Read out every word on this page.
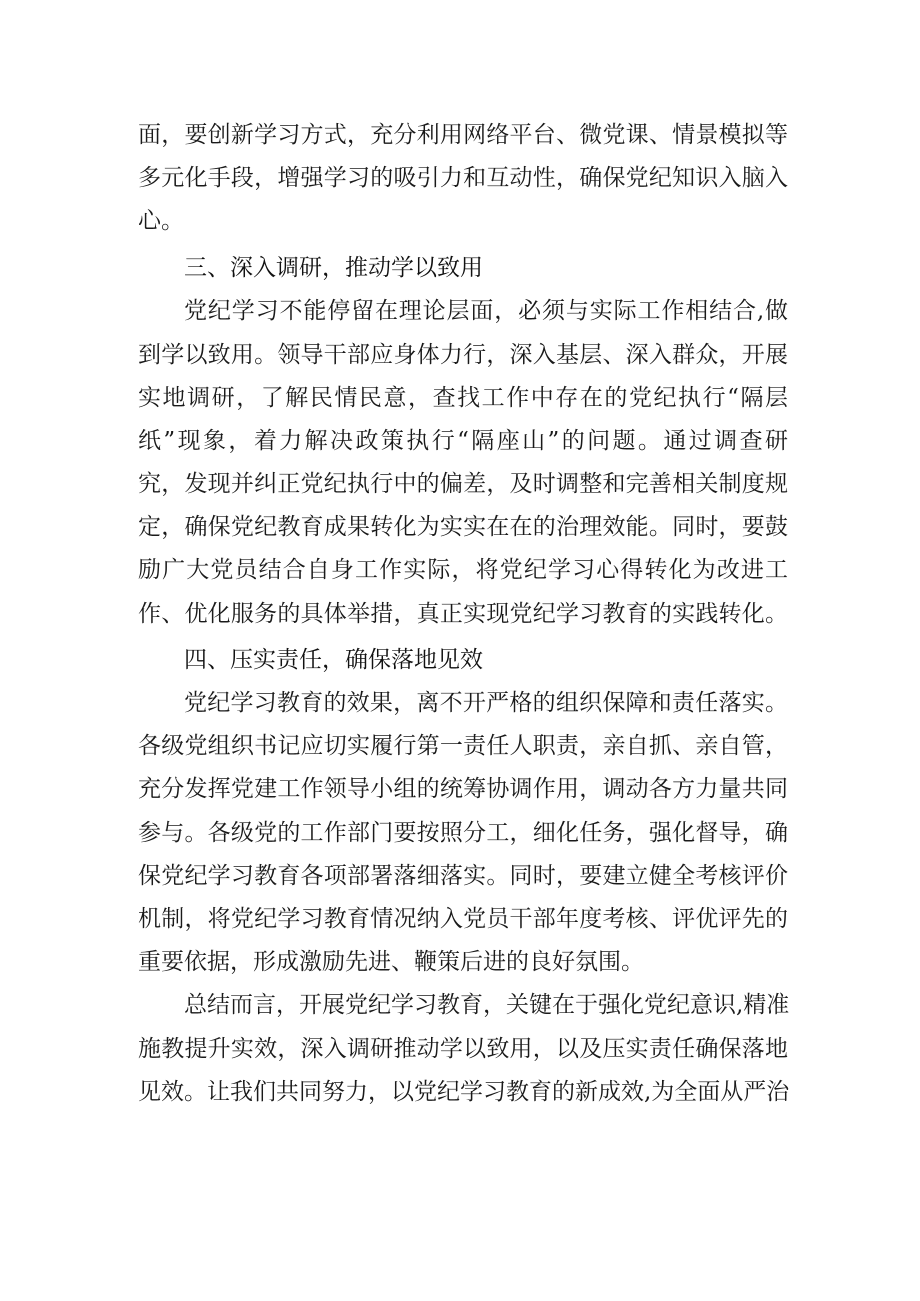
面，要创新学习方式，充分利用网络平台、微党课、情景模拟等
多元化手段，增强学习的吸引力和互动性，确保党纪知识入脑入
心。
三、深入调研，推动学以致用
党纪学习不能停留在理论层面，必须与实际工作相结合,做
到学以致用。领导干部应身体力行，深入基层、深入群众，开展
实地调研，了解民情民意，查找工作中存在的党纪执行“隔层
纸”现象，着力解决政策执行“隔座山”的问题。通过调查研
究，发现并纠正党纪执行中的偏差，及时调整和完善相关制度规
定，确保党纪教育成果转化为实实在在的治理效能。同时，要鼓
励广大党员结合自身工作实际，将党纪学习心得转化为改进工
作、优化服务的具体举措，真正实现党纪学习教育的实践转化。
四、压实责任，确保落地见效
党纪学习教育的效果，离不开严格的组织保障和责任落实。
各级党组织书记应切实履行第一责任人职责，亲自抓、亲自管，
充分发挥党建工作领导小组的统筹协调作用，调动各方力量共同
参与。各级党的工作部门要按照分工，细化任务，强化督导，确
保党纪学习教育各项部署落细落实。同时，要建立健全考核评价
机制，将党纪学习教育情况纳入党员干部年度考核、评优评先的
重要依据，形成激励先进、鞭策后进的良好氛围。
总结而言，开展党纪学习教育，关键在于强化党纪意识,精准
施教提升实效，深入调研推动学以致用，以及压实责任确保落地
见效。让我们共同努力，以党纪学习教育的新成效,为全面从严治
